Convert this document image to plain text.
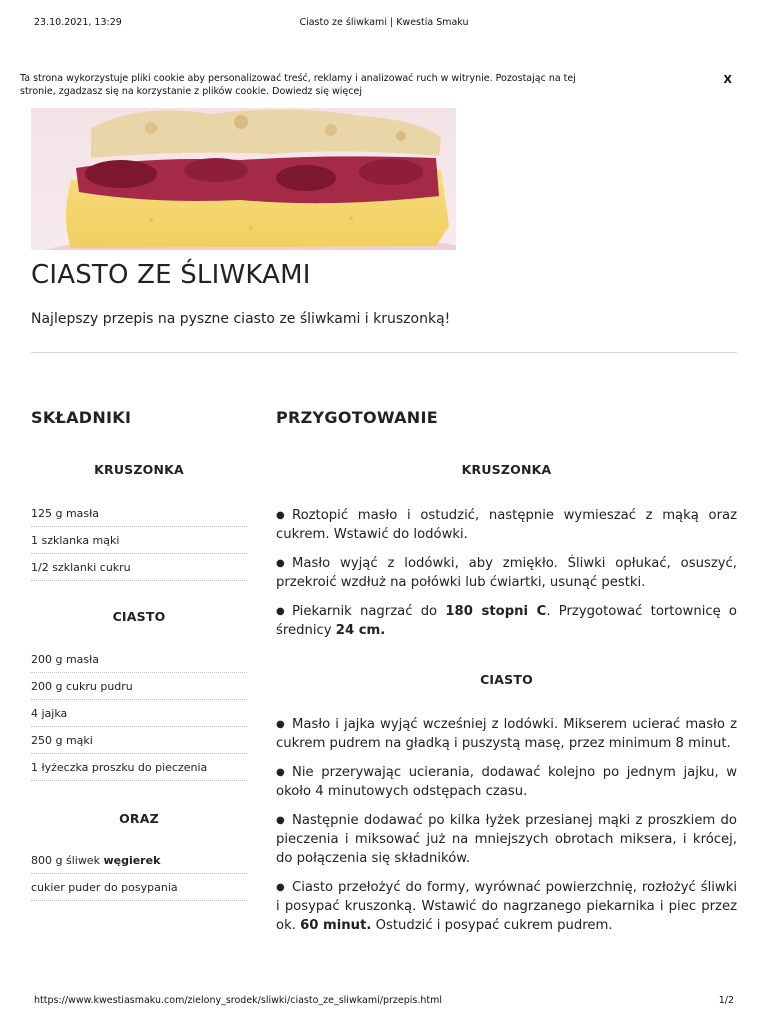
23.10.2021, 13:29	Ciasto ze śliwkami | Kwestia Smaku
Ta strona wykorzystuje pliki cookie aby personalizować treść, reklamy i analizować ruch w witrynie. Pozostając na tej stronie, zgadzasz się na korzystanie z plików cookie. Dowiedz się więcej
X
CIASTO ZE ŚLIWKAMI

Najlepszy przepis na pyszne ciasto ze śliwkami i kruszonką!

SKŁADNIKI
KRUSZONKA
125 g masła
1 szklanka mąki
1/2 szklanki cukru
CIASTO
200 g masła
200 g cukru pudru
4 jajka
250 g mąki
1 łyżeczka proszku do pieczenia
ORAZ
800 g śliwek węgierek
cukier puder do posypania
PRZYGOTOWANIE
KRUSZONKA
● Roztopić masło i ostudzić, następnie wymieszać z mąką oraz cukrem. Wstawić do lodówki.
● Masło wyjąć z lodówki, aby zmiękło. Śliwki opłukać, osuszyć, przekroić wzdłuż na połówki lub ćwiartki, usunąć pestki.
● Piekarnik nagrzać do 180 stopni C. Przygotować tortownicę o średnicy 24 cm.
CIASTO
● Masło i jajka wyjąć wcześniej z lodówki. Mikserem ucierać masło z cukrem pudrem na gładką i puszystą masę, przez minimum 8 minut.
● Nie przerywając ucierania, dodawać kolejno po jednym jajku, w około 4 minutowych odstępach czasu.
● Następnie dodawać po kilka łyżek przesianej mąki z proszkiem do pieczenia i miksować już na mniejszych obrotach miksera, i krócej, do połączenia się składników.
● Ciasto przełożyć do formy, wyrównać powierzchnię, rozłożyć śliwki i posypać kruszonką. Wstawić do nagrzanego piekarnika i piec przez ok. 60 minut. Ostudzić i posypać cukrem pudrem.
https://www.kwestiasmaku.com/zielony_srodek/sliwki/ciasto_ze_sliwkami/przepis.html	1/2
